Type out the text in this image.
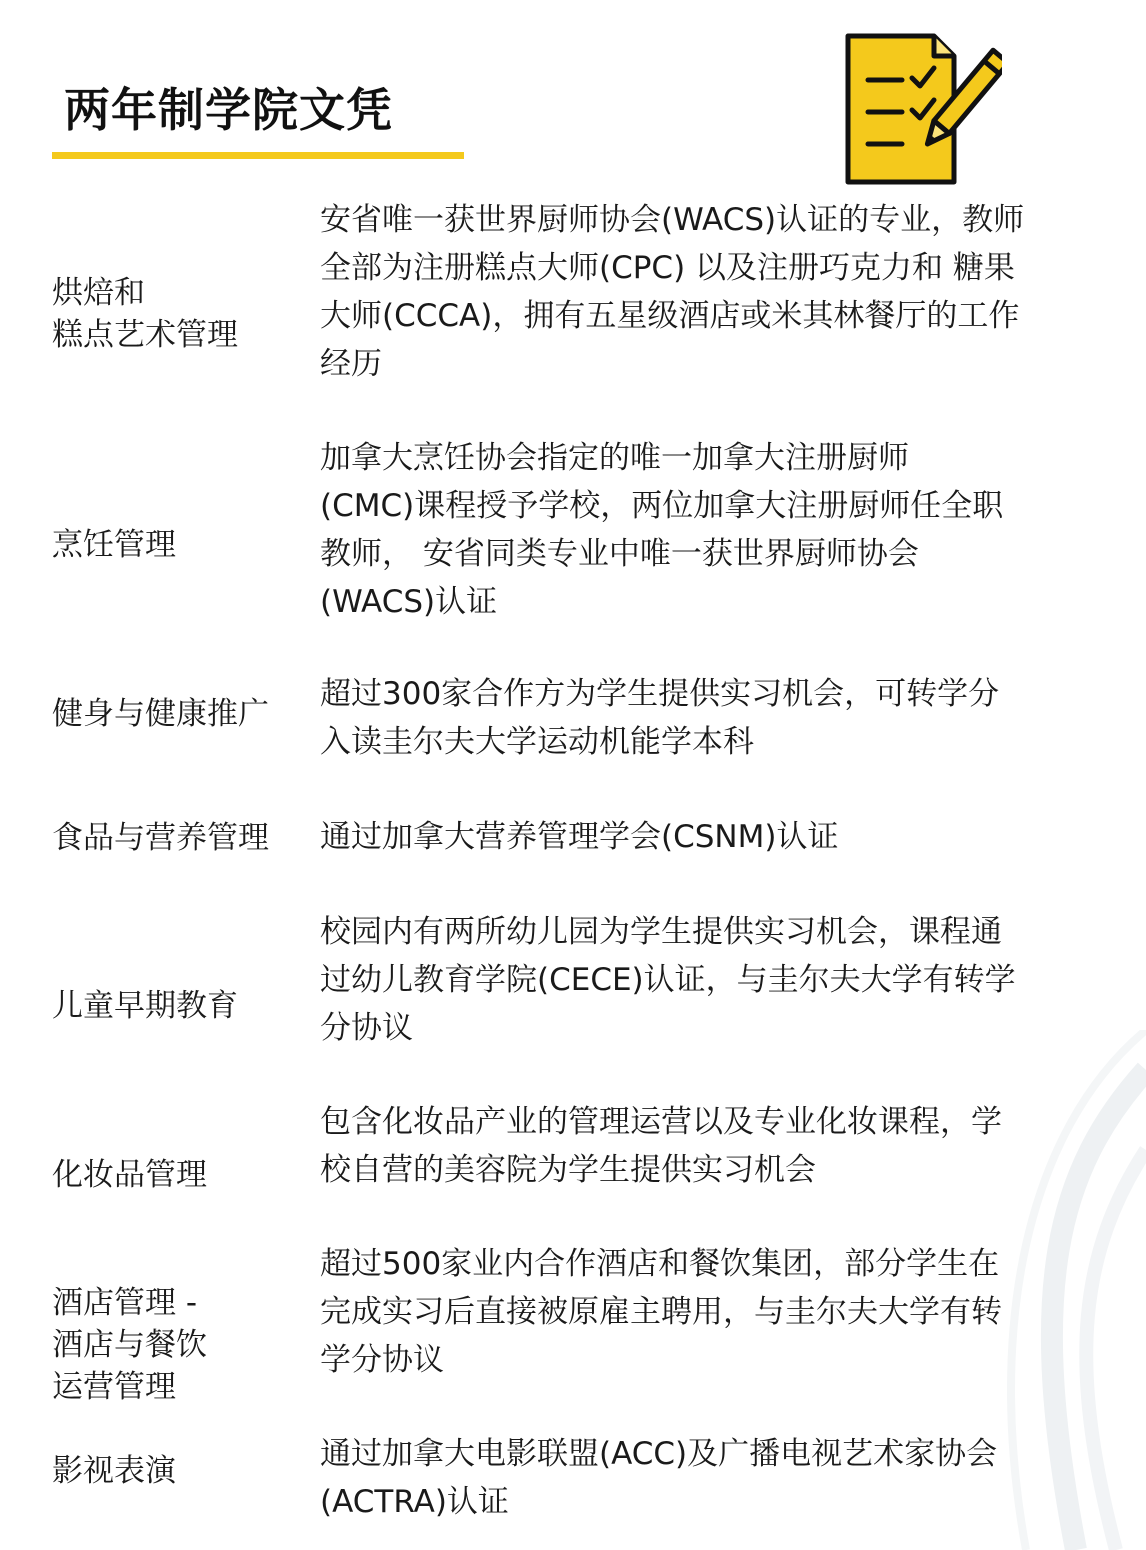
两年制学院文凭
烘焙和
糕点艺术管理
安省唯一获世界厨师协会(WACS)认证的专业，教师
全部为注册糕点大师(CPC) 以及注册巧克力和 糖果
大师(CCCA)，拥有五星级酒店或米其林餐厅的工作
经历
烹饪管理
加拿大烹饪协会指定的唯一加拿大注册厨师
(CMC)课程授予学校，两位加拿大注册厨师任全职
教师， 安省同类专业中唯一获世界厨师协会
(WACS)认证
健身与健康推广
超过300家合作方为学生提供实习机会，可转学分
入读圭尔夫大学运动机能学本科
食品与营养管理	通过加拿大营养管理学会(CSNM)认证
儿童早期教育
校园内有两所幼儿园为学生提供实习机会，课程通
过幼儿教育学院(CECE)认证，与圭尔夫大学有转学
分协议
化妆品管理
包含化妆品产业的管理运营以及专业化妆课程，学
校自营的美容院为学生提供实习机会
酒店管理 -
酒店与餐饮
运营管理
超过500家业内合作酒店和餐饮集团，部分学生在
完成实习后直接被原雇主聘用，与圭尔夫大学有转
学分协议
影视表演	通过加拿大电影联盟(ACC)及广播电视艺术家协会
(ACTRA)认证
